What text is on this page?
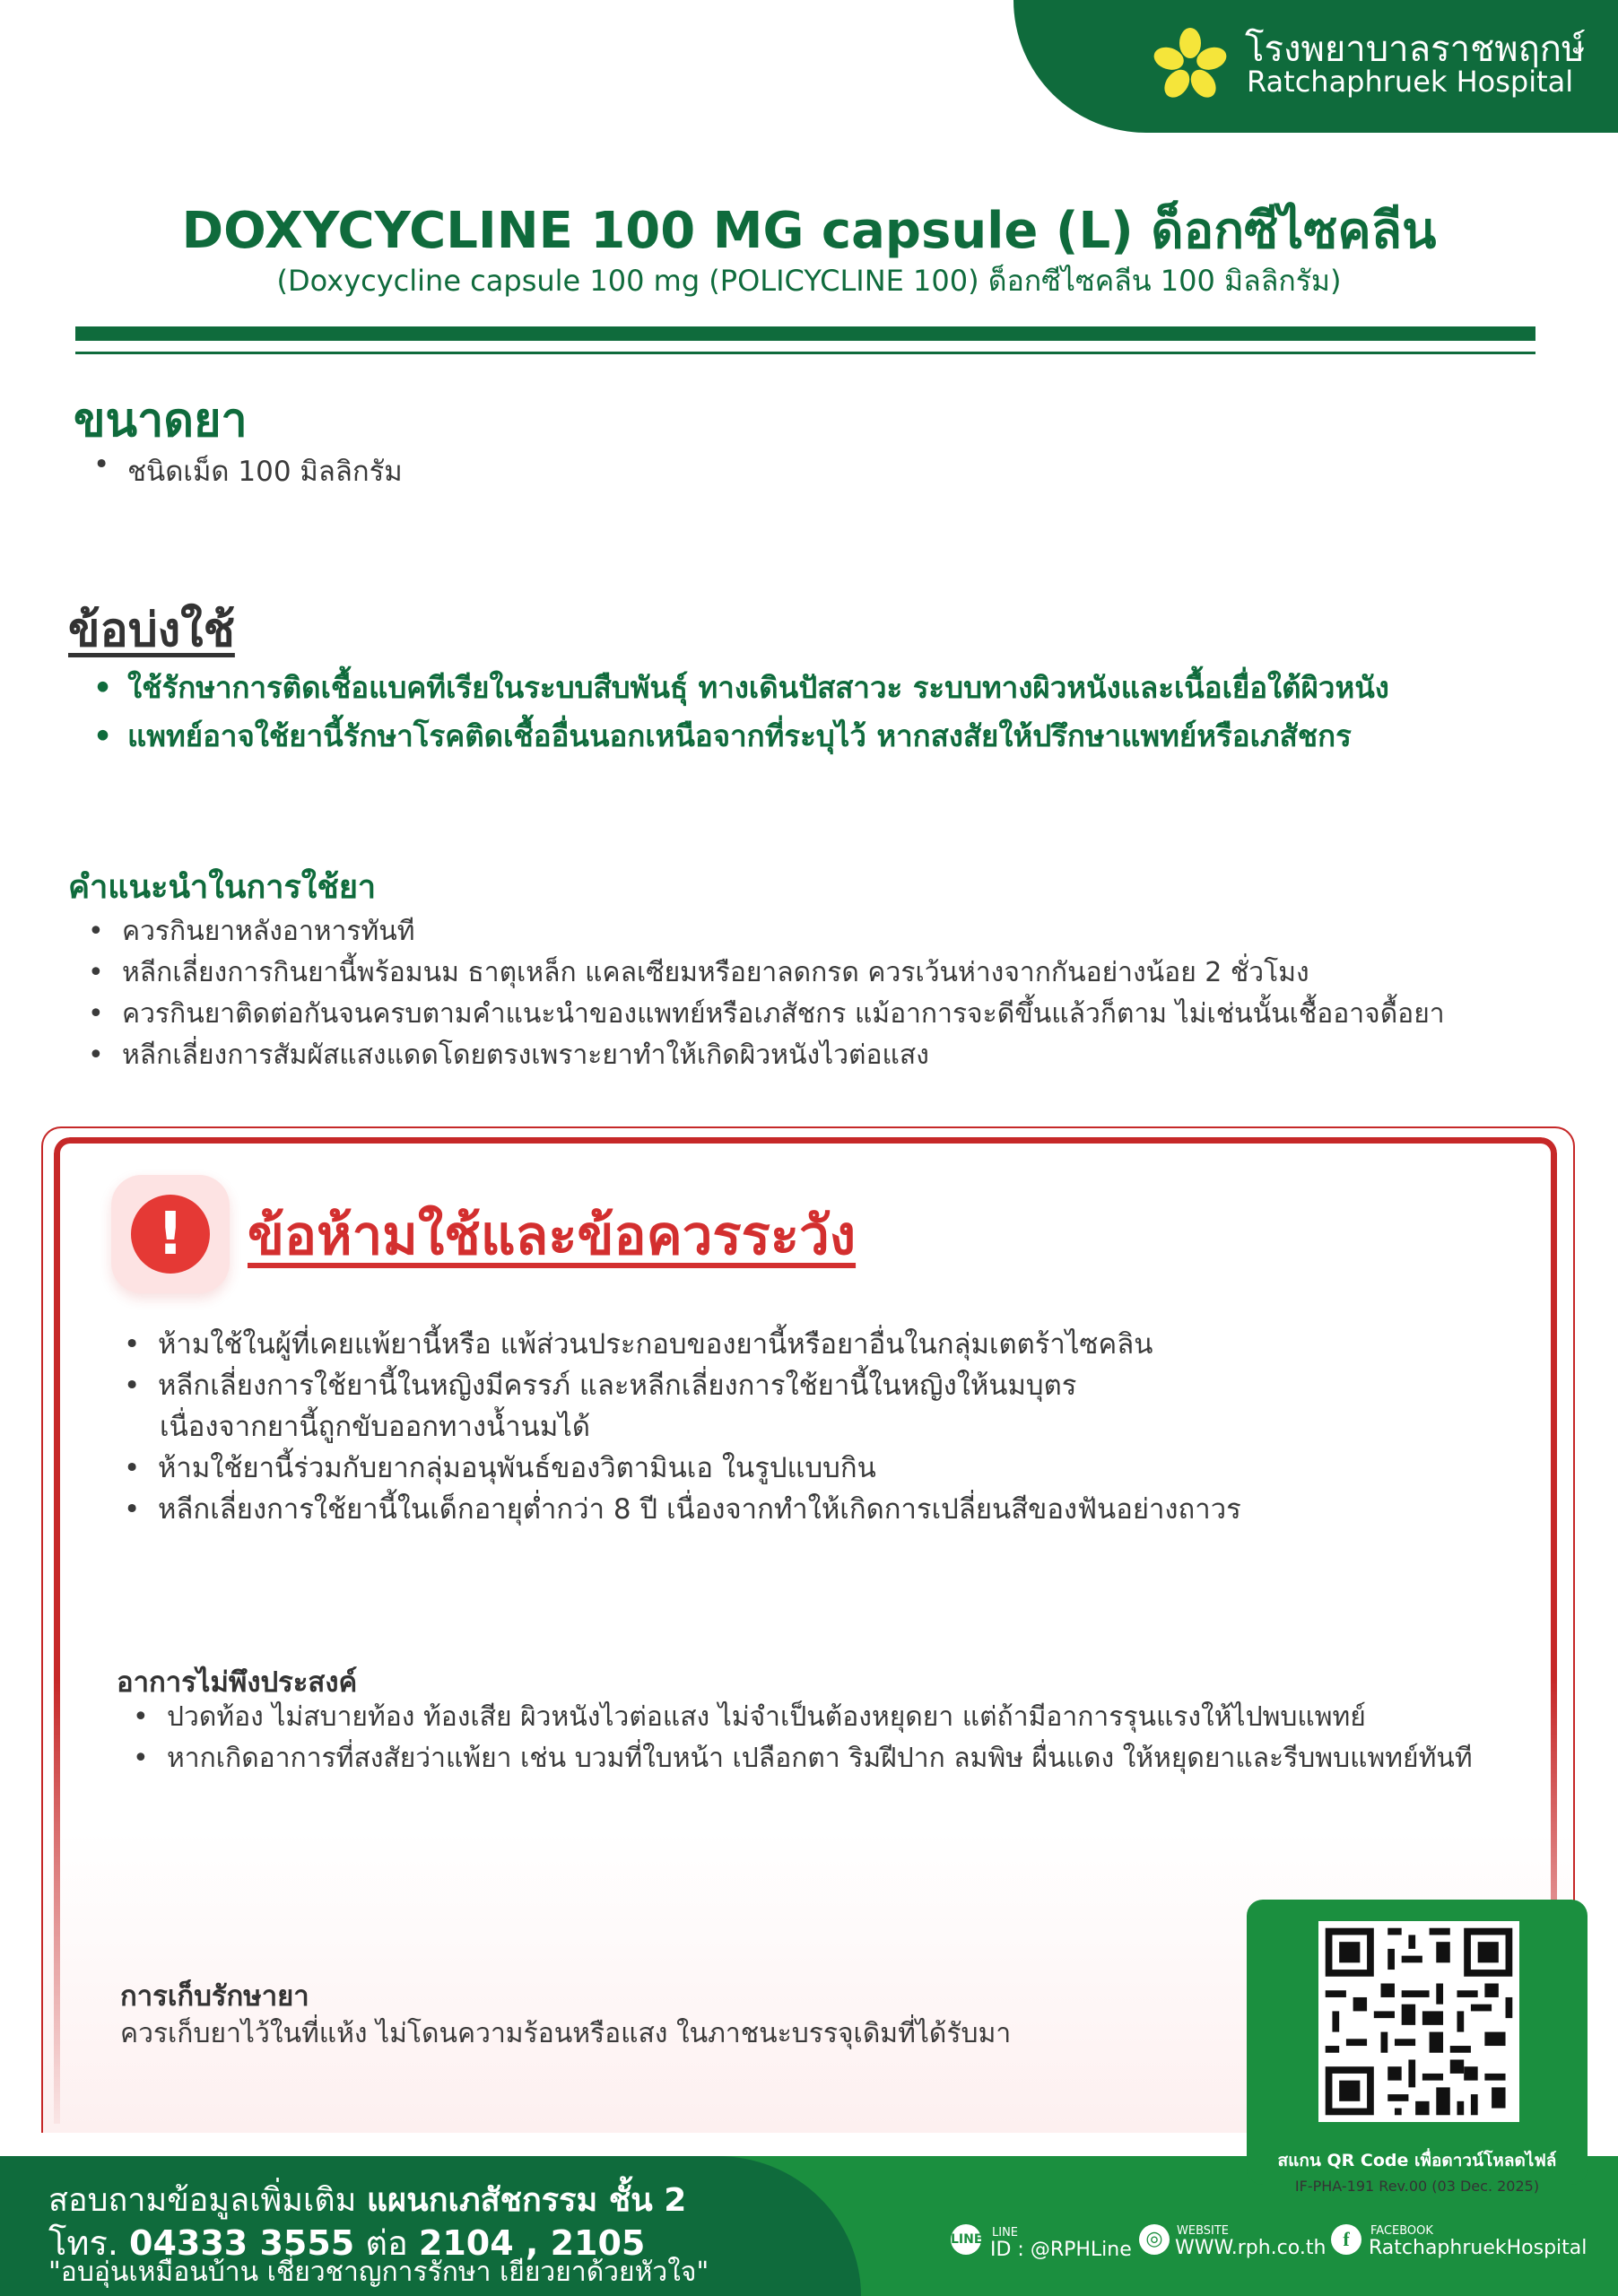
โรงพยาบาลราชพฤกษ์
Ratchaphruek Hospital
DOXYCYCLINE 100 MG capsule (L) ด็อกซีไซคลีน
(Doxycycline capsule 100 mg (POLICYCLINE 100) ด็อกซีไซคลีน 100 มิลลิกรัม)
ขนาดยา
• ชนิดเม็ด 100 มิลลิกรัม
ข้อบ่งใช้
• ใช้รักษาการติดเชื้อแบคทีเรียในระบบสืบพันธุ์ ทางเดินปัสสาวะ ระบบทางผิวหนังและเนื้อเยื่อใต้ผิวหนัง
• แพทย์อาจใช้ยานี้รักษาโรคติดเชื้ออื่นนอกเหนือจากที่ระบุไว้ หากสงสัยให้ปรึกษาแพทย์หรือเภสัชกร
คำแนะนำในการใช้ยา
• ควรกินยาหลังอาหารทันที
• หลีกเลี่ยงการกินยานี้พร้อมนม ธาตุเหล็ก แคลเซียมหรือยาลดกรด ควรเว้นห่างจากกันอย่างน้อย 2 ชั่วโมง
• ควรกินยาติดต่อกันจนครบตามคำแนะนำของแพทย์หรือเภสัชกร แม้อาการจะดีขึ้นแล้วก็ตาม ไม่เช่นนั้นเชื้ออาจดื้อยา
• หลีกเลี่ยงการสัมผัสแสงแดดโดยตรงเพราะยาทำให้เกิดผิวหนังไวต่อแสง
!	ข้อห้ามใช้และข้อควรระวัง
• ห้ามใช้ในผู้ที่เคยแพ้ยานี้หรือ แพ้ส่วนประกอบของยานี้หรือยาอื่นในกลุ่มเตตร้าไซคลิน
• หลีกเลี่ยงการใช้ยานี้ในหญิงมีครรภ์ และหลีกเลี่ยงการใช้ยานี้ในหญิงให้นมบุตร
เนื่องจากยานี้ถูกขับออกทางน้ำนมได้
• ห้ามใช้ยานี้ร่วมกับยากลุ่มอนุพันธ์ของวิตามินเอ ในรูปแบบกิน
• หลีกเลี่ยงการใช้ยานี้ในเด็กอายุต่ำกว่า 8 ปี เนื่องจากทำให้เกิดการเปลี่ยนสีของฟันอย่างถาวร
อาการไม่พึงประสงค์
• ปวดท้อง ไม่สบายท้อง ท้องเสีย ผิวหนังไวต่อแสง ไม่จำเป็นต้องหยุดยา แต่ถ้ามีอาการรุนแรงให้ไปพบแพทย์
• หากเกิดอาการที่สงสัยว่าแพ้ยา เช่น บวมที่ใบหน้า เปลือกตา ริมฝีปาก ลมพิษ ผื่นแดง ให้หยุดยาและรีบพบแพทย์ทันที
การเก็บรักษายา
ควรเก็บยาไว้ในที่แห้ง ไม่โดนความร้อนหรือแสง ในภาชนะบรรจุเดิมที่ได้รับมา
สอบถามข้อมูลเพิ่มเติม แผนกเภสัชกรรม ชั้น 2
โทร. 04333 3555 ต่อ 2104 , 2105
"อบอุ่นเหมือนบ้าน เชี่ยวชาญการรักษา เยียวยาด้วยหัวใจ"
สแกน QR Code เพื่อดาวน์โหลดไฟล์
IF-PHA-191 Rev.00 (03 Dec. 2025)
LINE LINE
ID : @RPHLine ◎	WEBSITE
WWW.rph.co.th f	FACEBOOK
RatchaphruekHospital
